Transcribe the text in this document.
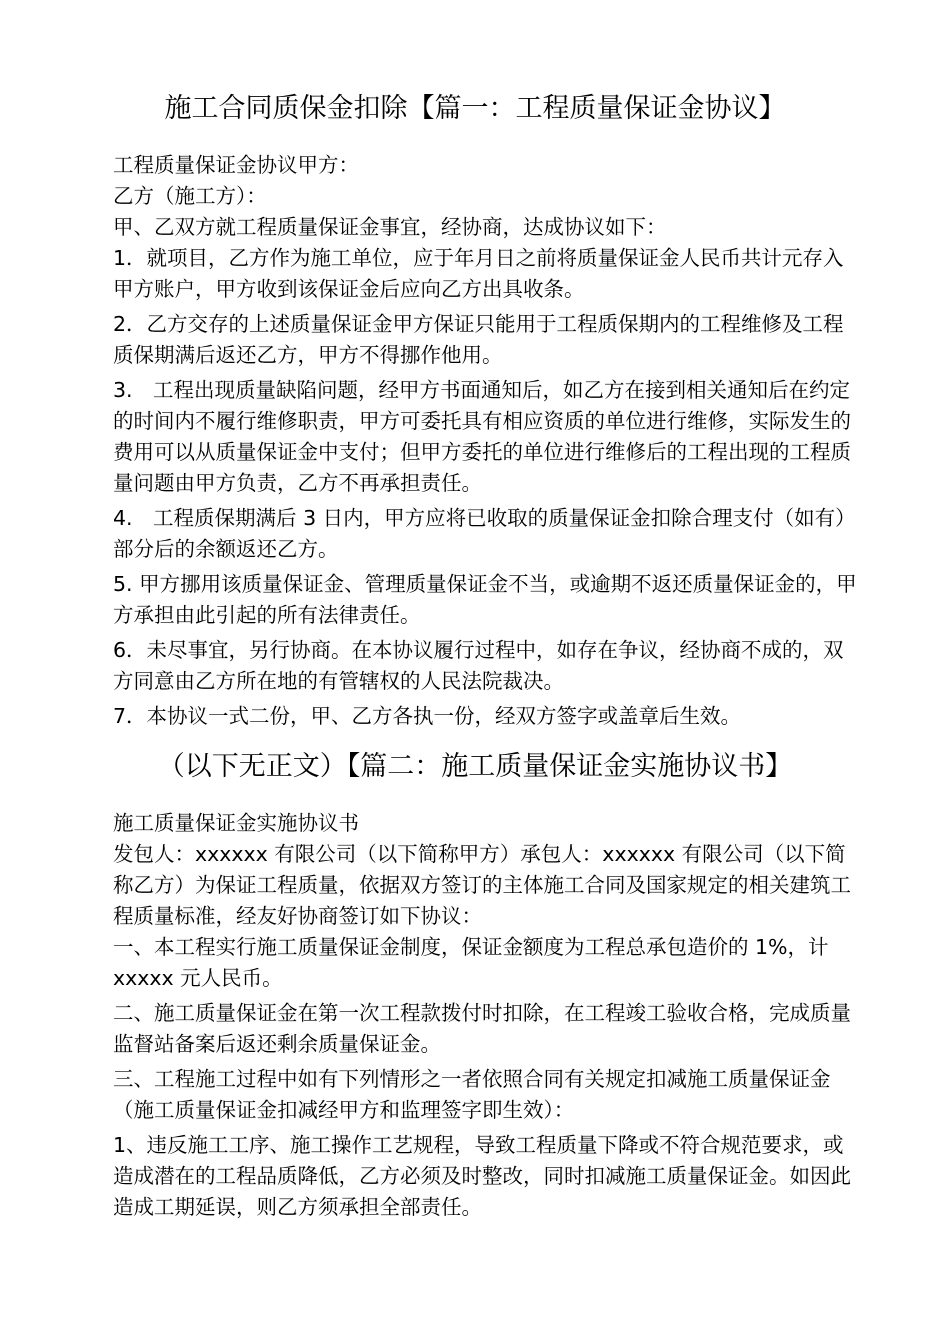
施工合同质保金扣除【篇一：工程质量保证金协议】

工程质量保证金协议甲方：

乙方（施工方）：

甲、乙双方就工程质量保证金事宜，经协商，达成协议如下：

1．就项目，乙方作为施工单位，应于年月日之前将质量保证金人民币共计元存入甲方账户，甲方收到该保证金后应向乙方出具收条。

2．乙方交存的上述质量保证金甲方保证只能用于工程质保期内的工程维修及工程质保期满后返还乙方，甲方不得挪作他用。

3.　工程出现质量缺陷问题，经甲方书面通知后，如乙方在接到相关通知后在约定的时间内不履行维修职责，甲方可委托具有相应资质的单位进行维修，实际发生的费用可以从质量保证金中支付；但甲方委托的单位进行维修后的工程出现的工程质量问题由甲方负责，乙方不再承担责任。

4.　工程质保期满后 3 日内，甲方应将已收取的质量保证金扣除合理支付（如有）部分后的余额返还乙方。

5. 甲方挪用该质量保证金、管理质量保证金不当，或逾期不返还质量保证金的，甲方承担由此引起的所有法律责任。

6．未尽事宜，另行协商。在本协议履行过程中，如存在争议，经协商不成的，双方同意由乙方所在地的有管辖权的人民法院裁决。

7．本协议一式二份，甲、乙方各执一份，经双方签字或盖章后生效。

（以下无正文）【篇二：施工质量保证金实施协议书】

施工质量保证金实施协议书

发包人：xxxxxx 有限公司（以下简称甲方）承包人：xxxxxx 有限公司（以下简称乙方）为保证工程质量，依据双方签订的主体施工合同及国家规定的相关建筑工程质量标准，经友好协商签订如下协议：

一、本工程实行施工质量保证金制度，保证金额度为工程总承包造价的 1%，计 xxxxx 元人民币。

二、施工质量保证金在第一次工程款拨付时扣除，在工程竣工验收合格，完成质量监督站备案后返还剩余质量保证金。

三、工程施工过程中如有下列情形之一者依照合同有关规定扣减施工质量保证金（施工质量保证金扣减经甲方和监理签字即生效）：

1、违反施工工序、施工操作工艺规程，导致工程质量下降或不符合规范要求，或造成潜在的工程品质降低，乙方必须及时整改，同时扣减施工质量保证金。如因此造成工期延误，则乙方须承担全部责任。
